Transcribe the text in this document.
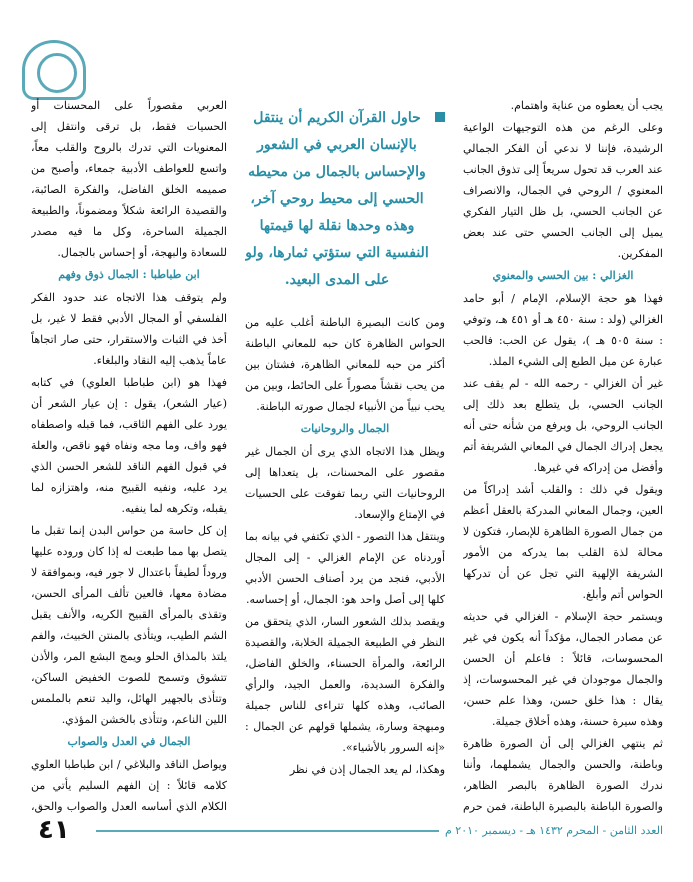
يجب أن يعطوه من عناية واهتمام.

وعلى الرغم من هذه التوجيهات الواعية الرشيدة، فإننا لا ندعي أن الفكر الجمالي عند العرب قد تحول سريعاً إلى تذوق الجانب المعنوي / الروحي في الجمال، والانصراف عن الجانب الحسي، بل ظل التيار الفكري يميل إلى الجانب الحسي حتى عند بعض المفكرين.

الغزالي : بين الحسي والمعنوي

فهذا هو حجة الإسلام، الإمام / أبو حامد الغزالي (ولد : سنة ٤٥٠ هـ أو ٤٥١ هـ، وتوفي : سنة ٥٠٥ هـ )، يقول عن الحب: فالحب عبارة عن ميل الطبع إلى الشيء الملذ.

غير أن الغزالي - رحمه الله - لم يقف عند الجانب الحسي، بل يتطلع بعد ذلك إلى الجانب الروحي، بل ويرفع من شأنه حتى أنه يجعل إدراك الجمال في المعاني الشريفة أتم وأفضل من إدراكه في غيرها.

ويقول في ذلك : والقلب أشد إدراكاً من العين، وجمال المعاني المدركة بالعقل أعظم من جمال الصورة الظاهرة للإبصار، فتكون لا محالة لذة القلب بما يدركه من الأمور الشريفة الإلهية التي تجل عن أن تدركها الحواس أتم وأبلغ.

ويستمر حجة الإسلام - الغزالي في حديثه عن مصادر الجمال، مؤكداً أنه يكون في غير المحسوسات، قائلاً : فاعلم أن الحسن والجمال موجودان في غير المحسوسات، إذ يقال : هذا خلق حسن، وهذا علم حسن، وهذه سيرة حسنة، وهذه أخلاق جميلة.

ثم ينتهي الغزالي إلى أن الصورة ظاهرة وباطنة، والحسن والجمال يشملهما، وأننا ندرك الصورة الظاهرة بالبصر الظاهر، والصورة الباطنة بالبصيرة الباطنة، فمن حرم

حاول القرآن الكريم أن ينتقل بالإنسان العربي في الشعور والإحساس بالجمال من محيطه الحسي إلى محيط روحي آخر، وهذه وحدها نقلة لها قيمتها النفسية التي ستؤتي ثمارها، ولو على المدى البعيد.

ومن كانت البصيرة الباطنة أغلب عليه من الحواس الظاهرة كان حبه للمعاني الباطنة أكثر من حبه للمعاني الظاهرة، فشتان بين من يحب نقشاً مصوراً على الحائط، وبين من يحب نبياً من الأنبياء لجمال صورته الباطنة.

الجمال والروحانيات

ويظل هذا الاتجاه الذي يرى أن الجمال غير مقصور على المحسنات، بل يتعداها إلى الروحانيات التي ربما تفوقت على الحسيات في الإمتاع والإسعاد.

وينتقل هذا التصور - الذي تكتفي في بيانه بما أوردناه عن الإمام الغزالي - إلى المجال الأدبي، فنجد من يرد أصناف الحسن الأدبي كلها إلى أصل واحد هو: الجمال، أو إحساسه.

ويقصد بذلك الشعور السار، الذي يتحقق من النظر في الطبيعة الجميلة الخلابة، والقصيدة الرائعة، والمرأة الحسناء، والخلق الفاضل، والفكرة السديدة، والعمل الجيد، والرأي الصائب، وهذه كلها تتراءى للناس جميلة ومبهجة وسارة، يشملها قولهم عن الجمال : «إنه السرور بالأشياء».

وهكذا، لم يعد الجمال إذن في نظر

العربي مقصوراً على المحسنات أو الحسيات فقط، بل ترقى وانتقل إلى المعنويات التي تدرك بالروح والقلب معاً، واتسع للعواطف الأدبية جمعاء، وأصبح من صميمه الخلق الفاضل، والفكرة الصائبة، والقصيدة الرائعة شكلاً ومضموناً، والطبيعة الجميلة الساحرة، وكل ما فيه مصدر للسعادة والبهجة، أو إحساس بالجمال.

ابن طباطبا : الجمال ذوق وفهم

ولم يتوقف هذا الاتجاه عند حدود الفكر الفلسفي أو المجال الأدبي فقط لا غير، بل أخذ في الثبات والاستقرار، حتى صار اتجاهاً عاماً يذهب إليه النقاد والبلغاء.

فهذا هو (ابن طباطبا العلوي) في كتابه (عيار الشعر)، يقول : إن عيار الشعر أن يورد على الفهم الثاقب، فما قبله واصطفاه فهو واف، وما مجه ونفاه فهو ناقص، والعلة في قبول الفهم الناقد للشعر الحسن الذي يرد عليه، ونفيه القبيح منه، واهتزازه لما يقبله، وتكرهه لما ينفيه.

إن كل حاسة من حواس البدن إنما تقبل ما يتصل بها مما طبعت له إذا كان وروده عليها وروداً لطيفاً باعتدال لا جور فيه، وبموافقة لا مضادة معها، فالعين تألف المرأى الحسن، وتقذى بالمرأى القبيح الكريه، والأنف يقبل الشم الطيب، ويتأذى بالمنتن الخبيث، والفم يلتذ بالمذاق الحلو ويمج البشع المر، والأذن تتشوق وتسمح للصوت الخفيض الساكن، وتتأذى بالجهير الهائل، واليد تنعم بالملمس اللين الناعم، وتتأذى بالخشن المؤذي.

الجمال في العدل والصواب

ويواصل الناقد والبلاغي / ابن طباطبا العلوي كلامه قائلاً : إن الفهم السليم يأتي من الكلام الذي أساسه العدل والصواب والحق،

العدد الثامن - المحرم ١٤٣٢ هـ - ديسمبر ٢٠١٠ م
٤١
